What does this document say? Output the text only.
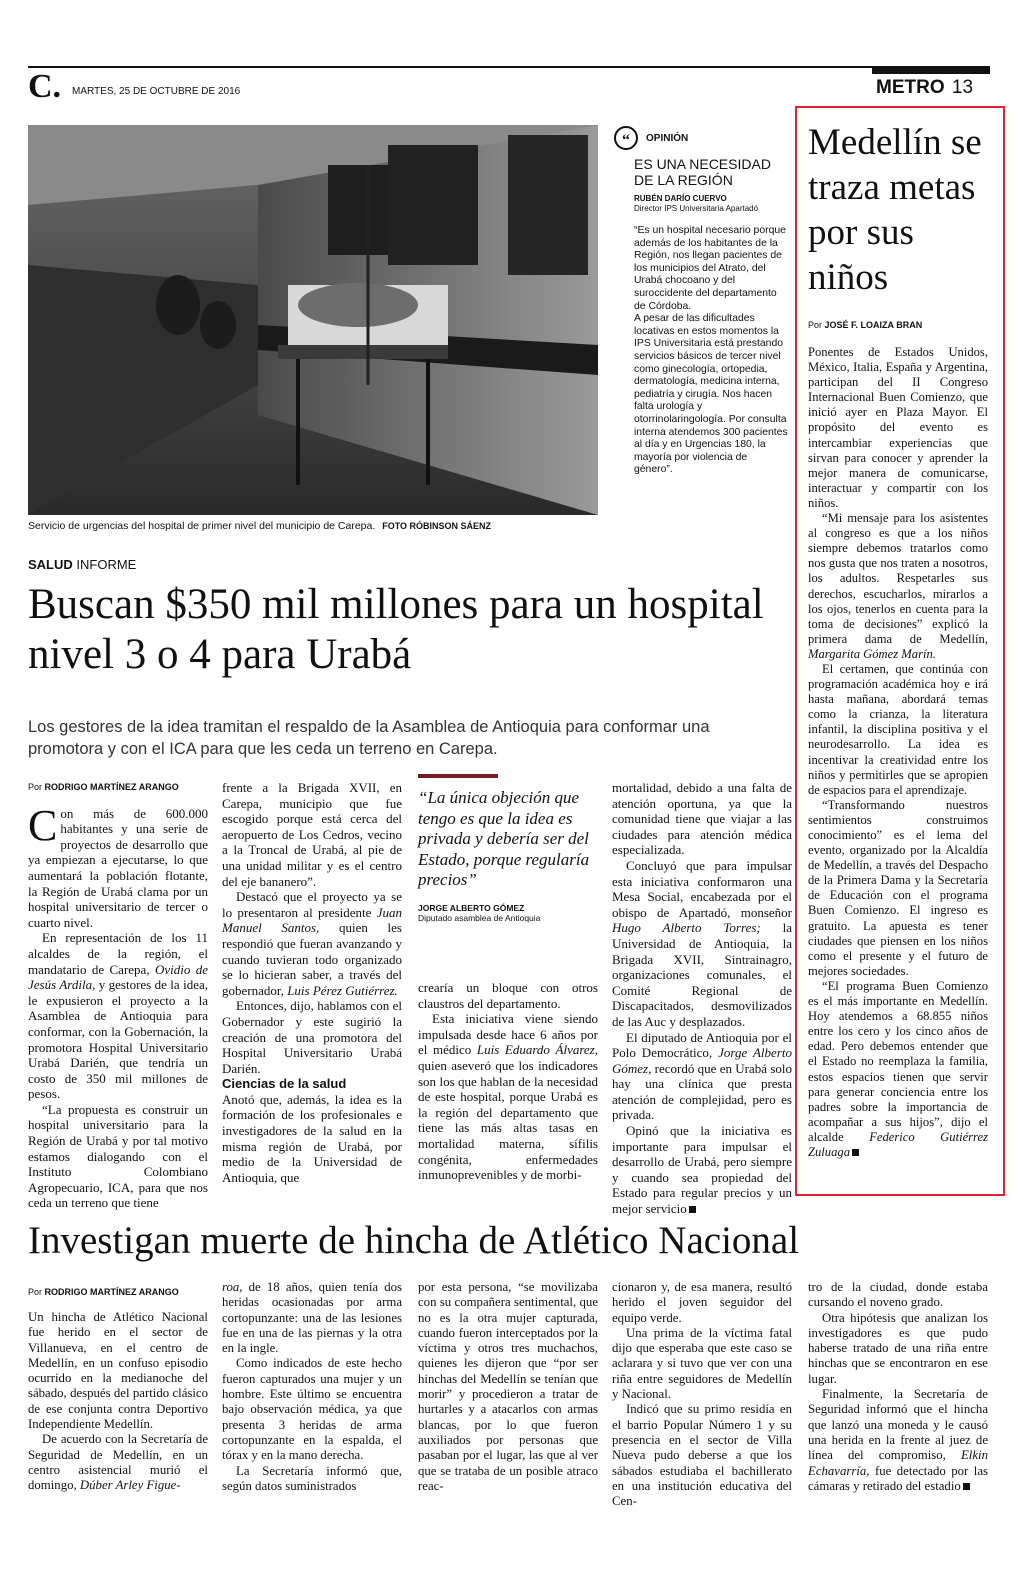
C. MARTES, 25 DE OCTUBRE DE 2016	METRO 13
Servicio de urgencias del hospital de primer nivel del municipio de Carepa. FOTO RÓBINSON SÁENZ
“	OPINIÓN
ES UNA NECESIDAD DE LA REGIÓN
RUBÉN DARÍO CUERVO
Director IPS Universitaria Apartadó
“Es un hospital necesario porque además de los habitantes de la Región, nos llegan pacientes de los municipios del Atrato, del Urabá chocoano y del suroccidente del departamento de Córdoba.
A pesar de las dificultades locativas en estos momentos la IPS Universitaria está prestando servicios básicos de tercer nivel como ginecología, ortopedia, dermatología, medicina interna, pediatría y cirugía. Nos hacen falta urología y otorrinolaringología. Por consulta interna atendemos 300 pacientes al día y en Urgencias 180, la mayoría por violencia de género”.
SALUD INFORME
Buscan $350 mil millones para un hospital nivel 3 o 4 para Urabá
Los gestores de la idea tramitan el respaldo de la Asamblea de Antioquia para conformar una promotora y con el ICA para que les ceda un terreno en Carepa.
Por RODRIGO MARTÍNEZ ARANGO

Con más de 600.000 habitantes y una serie de proyectos de desarrollo que ya empiezan a ejecutarse, lo que aumentará la población flotante, la Región de Urabá clama por un hospital universitario de tercer o cuarto nivel.

En representación de los 11 alcaldes de la región, el mandatario de Carepa, Ovidio de Jesús Ardila, y gestores de la idea, le expusieron el proyecto a la Asamblea de Antioquia para conformar, con la Gobernación, la promotora Hospital Universitario Urabá Darién, que tendría un costo de 350 mil millones de pesos.

“La propuesta es construir un hospital universitario para la Región de Urabá y por tal motivo estamos dialogando con el Instituto Colombiano Agropecuario, ICA, para que nos ceda un terreno que tiene

frente a la Brigada XVII, en Carepa, municipio que fue escogido porque está cerca del aeropuerto de Los Cedros, vecino a la Troncal de Urabá, al pie de una unidad militar y es el centro del eje bananero”.

Destacó que el proyecto ya se lo presentaron al presidente Juan Manuel Santos, quien les respondió que fueran avanzando y cuando tuvieran todo organizado se lo hicieran saber, a través del gobernador, Luis Pérez Gutiérrez.

Entonces, dijo, hablamos con el Gobernador y este sugirió la creación de una promotora del Hospital Universitario Urabá Darién.

Ciencias de la salud

Anotó que, además, la idea es la formación de los profesionales e investigadores de la salud en la misma región de Urabá, por medio de la Universidad de Antioquia, que

“La única objeción que tengo es que la idea es privada y debería ser del Estado, porque regularía precios”
JORGE ALBERTO GÓMEZ
Diputado asamblea de Antioquia

crearía un bloque con otros claustros del departamento.

Esta iniciativa viene siendo impulsada desde hace 6 años por el médico Luis Eduardo Álvarez, quien aseveró que los indicadores son los que hablan de la necesidad de este hospital, porque Urabá es la región del departamento que tiene las más altas tasas en mortalidad materna, sífilis congénita, enfermedades inmunoprevenibles y de morbi-

mortalidad, debido a una falta de atención oportuna, ya que la comunidad tiene que viajar a las ciudades para atención médica especializada.

Concluyó que para impulsar esta iniciativa conformaron una Mesa Social, encabezada por el obispo de Apartadó, monseñor Hugo Alberto Torres; la Universidad de Antioquia, la Brigada XVII, Sintrainagro, organizaciones comunales, el Comité Regional de Discapacitados, desmovilizados de las Auc y desplazados.

El diputado de Antioquia por el Polo Democrático, Jorge Alberto Gómez, recordó que en Urabá solo hay una clínica que presta atención de complejidad, pero es privada.

Opinó que la iniciativa es importante para impulsar el desarrollo de Urabá, pero siempre y cuando sea propiedad del Estado para regular precios y un mejor servicio

Medellín se traza metas por sus niños
Por JOSÉ F. LOAIZA BRAN

Ponentes de Estados Unidos, México, Italia, España y Argentina, participan del II Congreso Internacional Buen Comienzo, que inició ayer en Plaza Mayor. El propósito del evento es intercambiar experiencias que sirvan para conocer y aprender la mejor manera de comunicarse, interactuar y compartir con los niños.

“Mi mensaje para los asistentes al congreso es que a los niños siempre debemos tratarlos como nos gusta que nos traten a nosotros, los adultos. Respetarles sus derechos, escucharlos, mirarlos a los ojos, tenerlos en cuenta para la toma de decisiones” explicó la primera dama de Medellín, Margarita Gómez Marín.

El certamen, que continúa con programación académica hoy e irá hasta mañana, abordará temas como la crianza, la literatura infantil, la disciplina positiva y el neurodesarrollo. La idea es incentivar la creatividad entre los niños y permitirles que se apropien de espacios para el aprendizaje.

“Transformando nuestros sentimientos construimos conocimiento” es el lema del evento, organizado por la Alcaldía de Medellín, a través del Despacho de la Primera Dama y la Secretaría de Educación con el programa Buen Comienzo. El ingreso es gratuito. La apuesta es tener ciudades que piensen en los niños como el presente y el futuro de mejores sociedades.

“El programa Buen Comienzo es el más importante en Medellín. Hoy atendemos a 68.855 niños entre los cero y los cinco años de edad. Pero debemos entender que el Estado no reemplaza la familia, estos espacios tienen que servir para generar conciencia entre los padres sobre la importancia de acompañar a sus hijos”, dijo el alcalde Federico Gutiérrez Zuluaga

Investigan muerte de hincha de Atlético Nacional
Por RODRIGO MARTÍNEZ ARANGO

Un hincha de Atlético Nacional fue herido en el sector de Villanueva, en el centro de Medellín, en un confuso episodio ocurrido en la medianoche del sábado, después del partido clásico de ese conjunta contra Deportivo Independiente Medellín.

De acuerdo con la Secretaría de Seguridad de Medellín, en un centro asistencial murió el domingo, Dúber Arley Figue-

roa, de 18 años, quien tenía dos heridas ocasionadas por arma cortopunzante: una de las lesiones fue en una de las piernas y la otra en la ingle.

Como indicados de este hecho fueron capturados una mujer y un hombre. Este último se encuentra bajo observación médica, ya que presenta 3 heridas de arma cortopunzante en la espalda, el tórax y en la mano derecha.

La Secretaría informó que, según datos suministrados

por esta persona, “se movilizaba con su compañera sentimental, que no es la otra mujer capturada, cuando fueron interceptados por la víctima y otros tres muchachos, quienes les dijeron que “por ser hinchas del Medellín se tenían que morir” y procedieron a tratar de hurtarles y a atacarlos con armas blancas, por lo que fueron auxiliados por personas que pasaban por el lugar, las que al ver que se trataba de un posible atraco reac-

cionaron y, de esa manera, resultó herido el joven seguidor del equipo verde.

Una prima de la víctima fatal dijo que esperaba que este caso se aclarara y si tuvo que ver con una riña entre seguidores de Medellín y Nacional.

Indicó que su primo residía en el barrio Popular Número 1 y su presencia en el sector de Villa Nueva pudo deberse a que los sábados estudiaba el bachillerato en una institución educativa del Cen-

tro de la ciudad, donde estaba cursando el noveno grado.

Otra hipótesis que analizan los investigadores es que pudo haberse tratado de una riña entre hinchas que se encontraron en ese lugar.

Finalmente, la Secretaría de Seguridad informó que el hincha que lanzó una moneda y le causó una herida en la frente al juez de línea del compromiso, Elkin Echavarría, fue detectado por las cámaras y retirado del estadio
